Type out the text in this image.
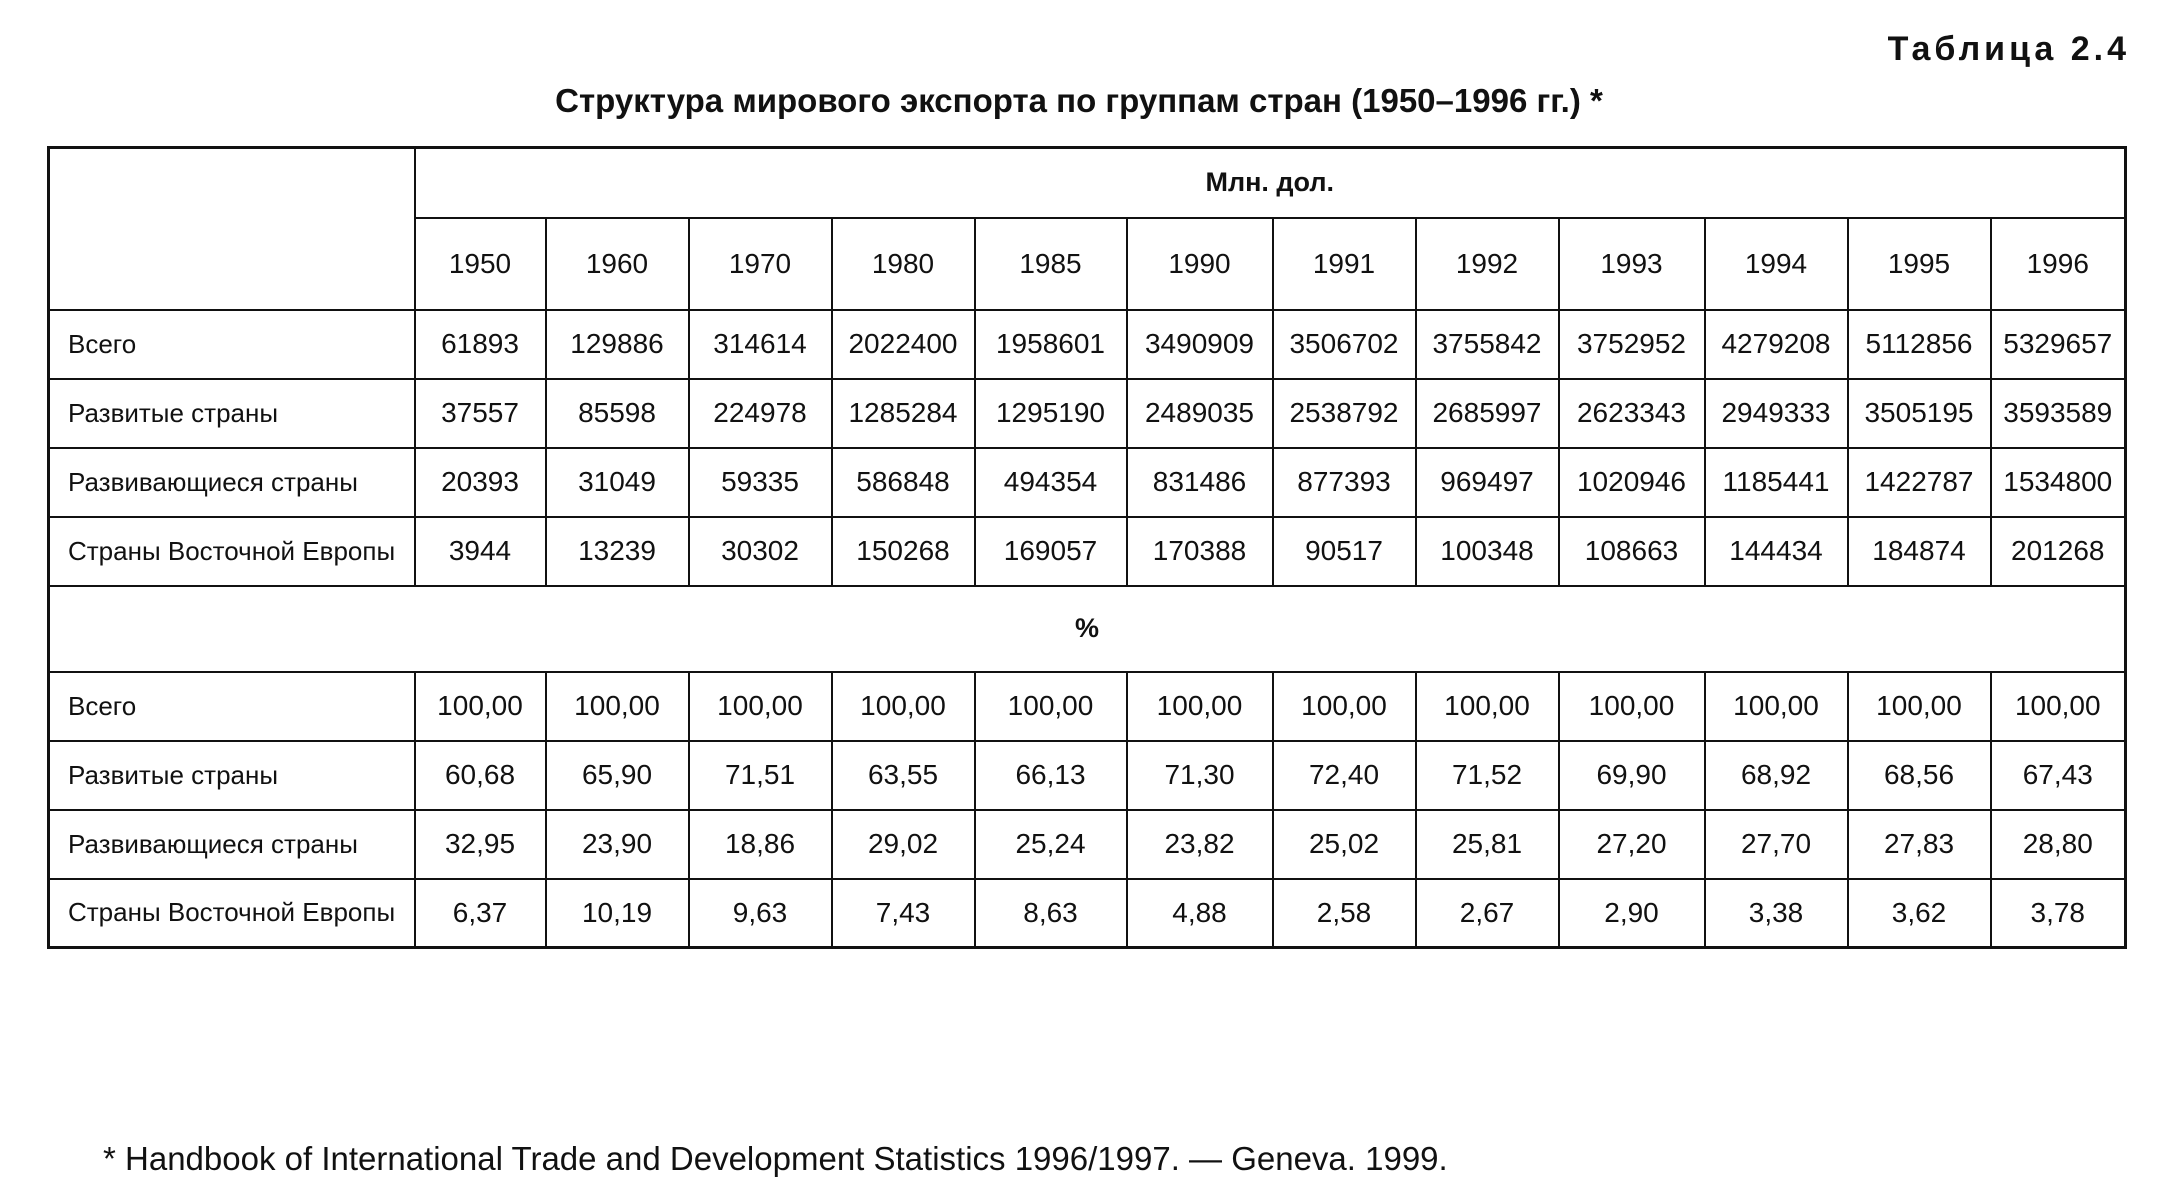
Таблица 2.4
Структура мирового экспорта по группам стран (1950–1996 гг.) *
	Млн. дол.											
	1950	1960	1970	1980	1985	1990	1991	1992	1993	1994	1995	1996
Всего	61893	129886	314614	2022400	1958601	3490909	3506702	3755842	3752952	4279208	5112856	5329657
Развитые страны	37557	85598	224978	1285284	1295190	2489035	2538792	2685997	2623343	2949333	3505195	3593589
Развивающиеся страны	20393	31049	59335	586848	494354	831486	877393	969497	1020946	1185441	1422787	1534800
Страны Восточной Европы	3944	13239	30302	150268	169057	170388	90517	100348	108663	144434	184874	201268
%												
Всего	100,00	100,00	100,00	100,00	100,00	100,00	100,00	100,00	100,00	100,00	100,00	100,00
Развитые страны	60,68	65,90	71,51	63,55	66,13	71,30	72,40	71,52	69,90	68,92	68,56	67,43
Развивающиеся страны	32,95	23,90	18,86	29,02	25,24	23,82	25,02	25,81	27,20	27,70	27,83	28,80
Страны Восточной Европы	6,37	10,19	9,63	7,43	8,63	4,88	2,58	2,67	2,90	3,38	3,62	3,78
* Handbook of International Trade and Development Statistics 1996/1997. — Geneva. 1999.
